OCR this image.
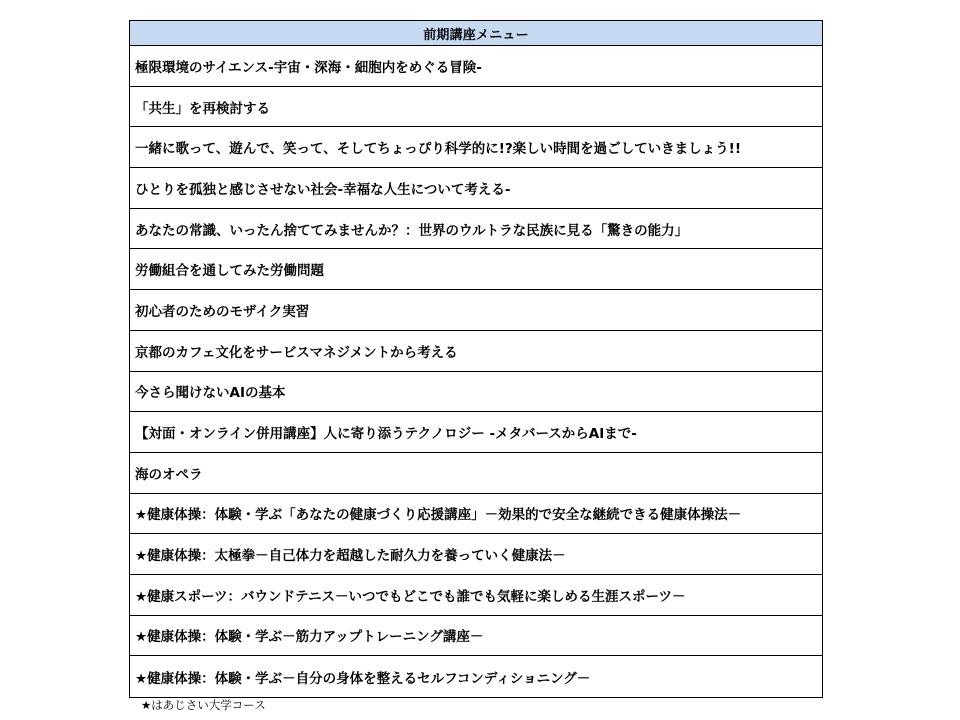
前期講座メニュー
極限環境のサイエンス-宇宙・深海・細胞内をめぐる冒険-
「共生」を再検討する
一緒に歌って、遊んで、笑って、そしてちょっぴり科学的に!?楽しい時間を過ごしていきましょう!!
ひとりを孤独と感じさせない社会-幸福な人生について考える-
あなたの常識、いったん捨ててみませんか？：世界のウルトラな民族に見る「驚きの能力」
労働組合を通してみた労働問題
初心者のためのモザイク実習
京都のカフェ文化をサービスマネジメントから考える
今さら聞けないAIの基本
【対面・オンライン併用講座】人に寄り添うテクノロジー -メタバースからAIまで-
海のオペラ
★健康体操：体験・学ぶ「あなたの健康づくり応援講座」－効果的で安全な継続できる健康体操法－
★健康体操：太極拳－自己体力を超越した耐久力を養っていく健康法－
★健康スポーツ：バウンドテニス－いつでもどこでも誰でも気軽に楽しめる生涯スポーツ－
★健康体操：体験・学ぶ－筋力アップトレーニング講座－
★健康体操：体験・学ぶ－自分の身体を整えるセルフコンディショニング－
★はあじさい大学コース
